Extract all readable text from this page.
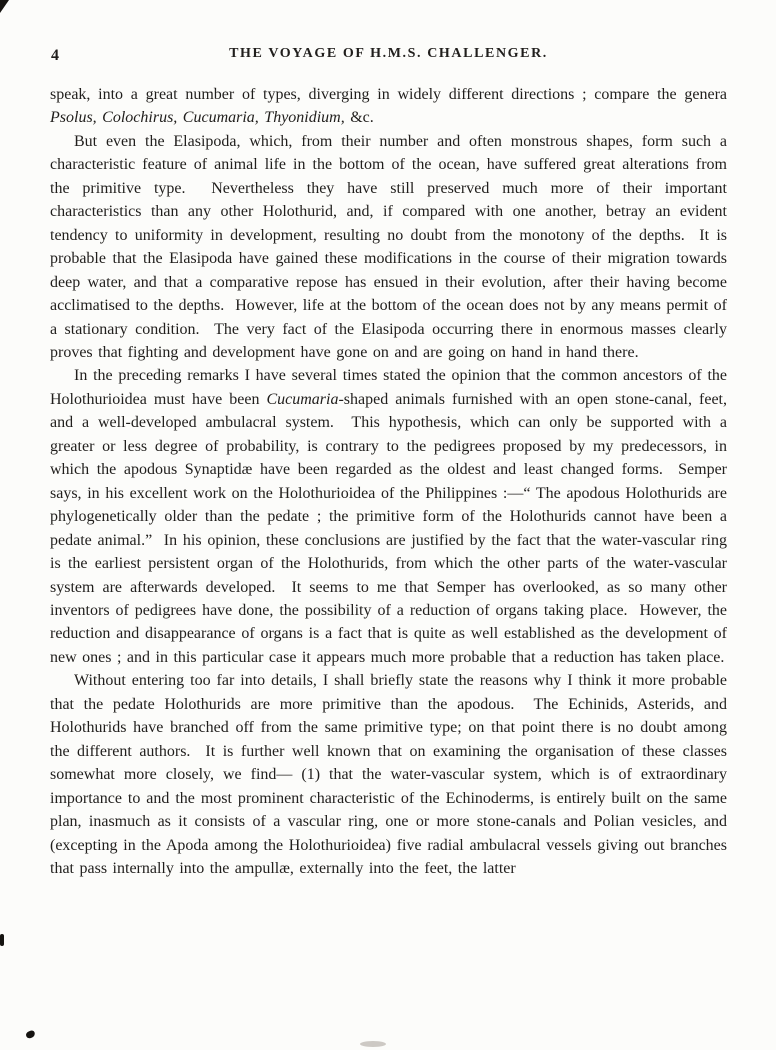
4	THE VOYAGE OF H.M.S. CHALLENGER.

speak, into a great number of types, diverging in widely different directions ; compare the genera Psolus, Colochirus, Cucumaria, Thyonidium, &c.

But even the Elasipoda, which, from their number and often monstrous shapes, form such a characteristic feature of animal life in the bottom of the ocean, have suffered great alterations from the primitive type.  Nevertheless they have still preserved much more of their important characteristics than any other Holothurid, and, if compared with one another, betray an evident tendency to uniformity in development, resulting no doubt from the monotony of the depths.  It is probable that the Elasipoda have gained these modifications in the course of their migration towards deep water, and that a comparative repose has ensued in their evolution, after their having become acclimatised to the depths.  However, life at the bottom of the ocean does not by any means permit of a stationary condition.  The very fact of the Elasipoda occurring there in enormous masses clearly proves that fighting and development have gone on and are going on hand in hand there.

In the preceding remarks I have several times stated the opinion that the common ancestors of the Holothurioidea must have been Cucumaria-shaped animals furnished with an open stone-canal, feet, and a well-developed ambulacral system.  This hypothesis, which can only be supported with a greater or less degree of probability, is contrary to the pedigrees proposed by my predecessors, in which the apodous Synaptidæ have been regarded as the oldest and least changed forms.  Semper says, in his excellent work on the Holothurioidea of the Philippines :—“ The apodous Holothurids are phylogenetically older than the pedate ; the primitive form of the Holothurids cannot have been a pedate animal.”  In his opinion, these conclusions are justified by the fact that the water-vascular ring is the earliest persistent organ of the Holothurids, from which the other parts of the water-vascular system are afterwards developed.  It seems to me that Semper has overlooked, as so many other inventors of pedigrees have done, the possibility of a reduction of organs taking place.  However, the reduction and disappearance of organs is a fact that is quite as well established as the development of new ones ; and in this particular case it appears much more probable that a reduction has taken place.

Without entering too far into details, I shall briefly state the reasons why I think it more probable that the pedate Holothurids are more primitive than the apodous.  The Echinids, Asterids, and Holothurids have branched off from the same primitive type; on that point there is no doubt among the different authors.  It is further well known that on examining the organisation of these classes somewhat more closely, we find— (1) that the water-vascular system, which is of extraordinary importance to and the most prominent characteristic of the Echinoderms, is entirely built on the same plan, inasmuch as it consists of a vascular ring, one or more stone-canals and Polian vesicles, and (excepting in the Apoda among the Holothurioidea) five radial ambulacral vessels giving out branches that pass internally into the ampullæ, externally into the feet, the latter
